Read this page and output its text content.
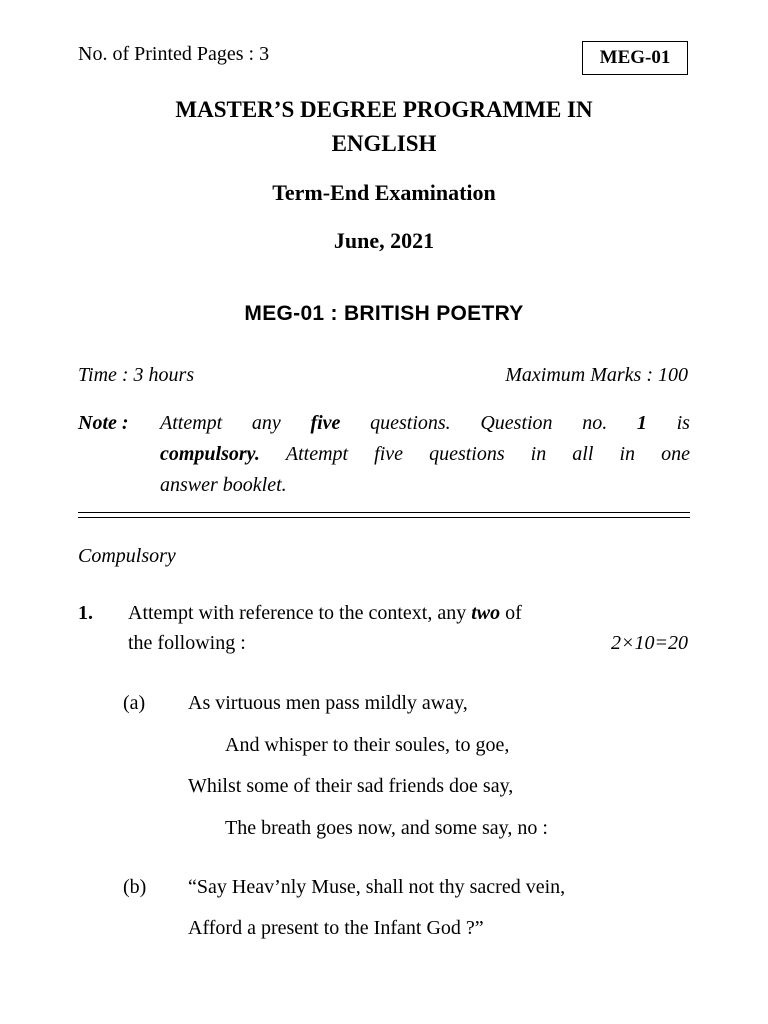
No. of Printed Pages : 3	MEG-01
MASTER’S DEGREE PROGRAMME IN
ENGLISH
Term-End Examination
June, 2021
MEG-01 : BRITISH POETRY
Time : 3 hours	Maximum Marks : 100
Note : Attempt any five questions. Question no. 1 is
compulsory. Attempt five questions in all in one
answer booklet.
Compulsory
1. Attempt with reference to the context, any two of
the following :	2×10=20
(a) As virtuous men pass mildly away,
And whisper to their soules, to goe,
Whilst some of their sad friends doe say,
The breath goes now, and some say, no :
(b) “Say Heav’nly Muse, shall not thy sacred vein,
Afford a present to the Infant God ?”
